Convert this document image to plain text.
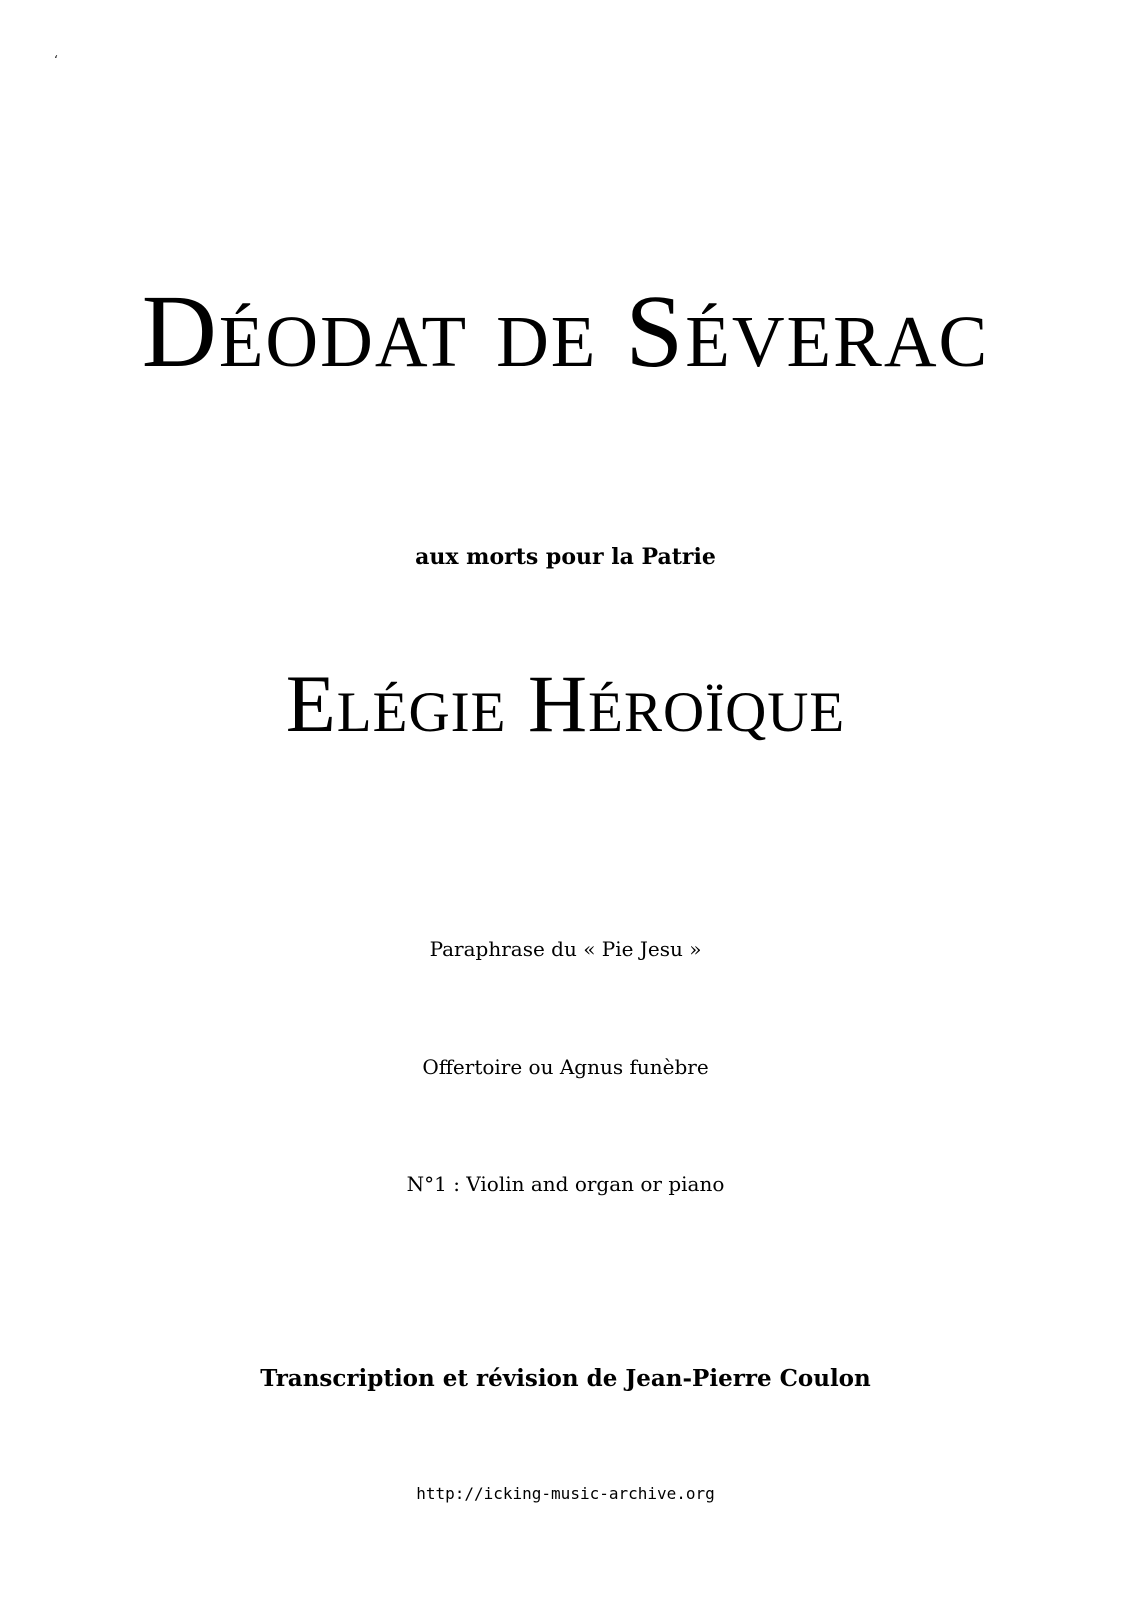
‘
Déodat de Séverac
aux morts pour la Patrie
Elégie Héroïque
Paraphrase du « Pie Jesu »
Offertoire ou Agnus funèbre
N°1 : Violin and organ or piano
Transcription et révision de Jean-Pierre Coulon
http://icking-music-archive.org
